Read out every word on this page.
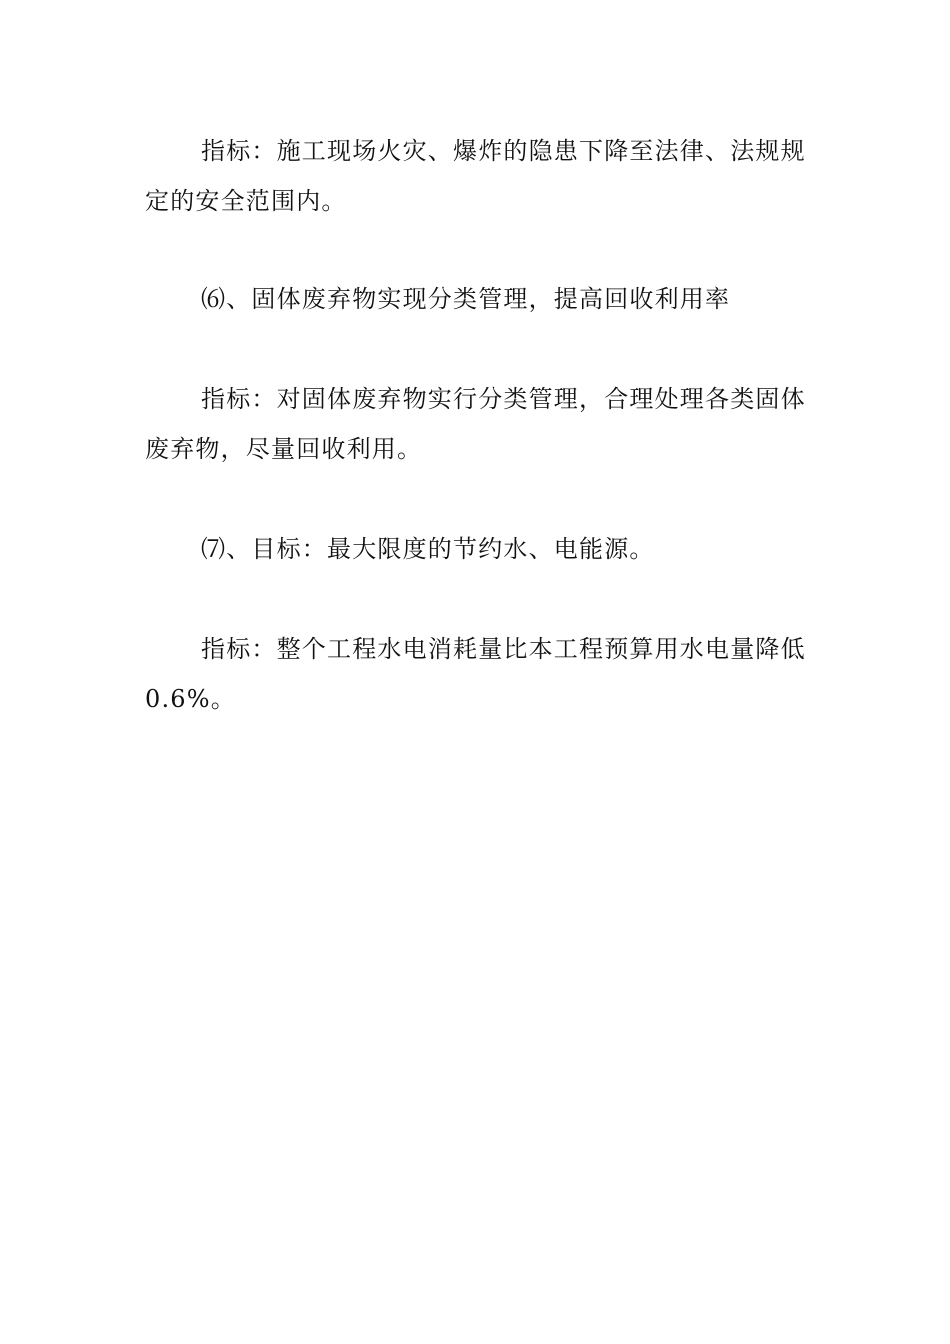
指标：施工现场火灾、爆炸的隐患下降至法律、法规规定的安全范围内。

⑹、固体废弃物实现分类管理，提高回收利用率

指标：对固体废弃物实行分类管理，合理处理各类固体废弃物，尽量回收利用。

⑺、目标：最大限度的节约水、电能源。

指标：整个工程水电消耗量比本工程预算用水电量降低0.6%。
